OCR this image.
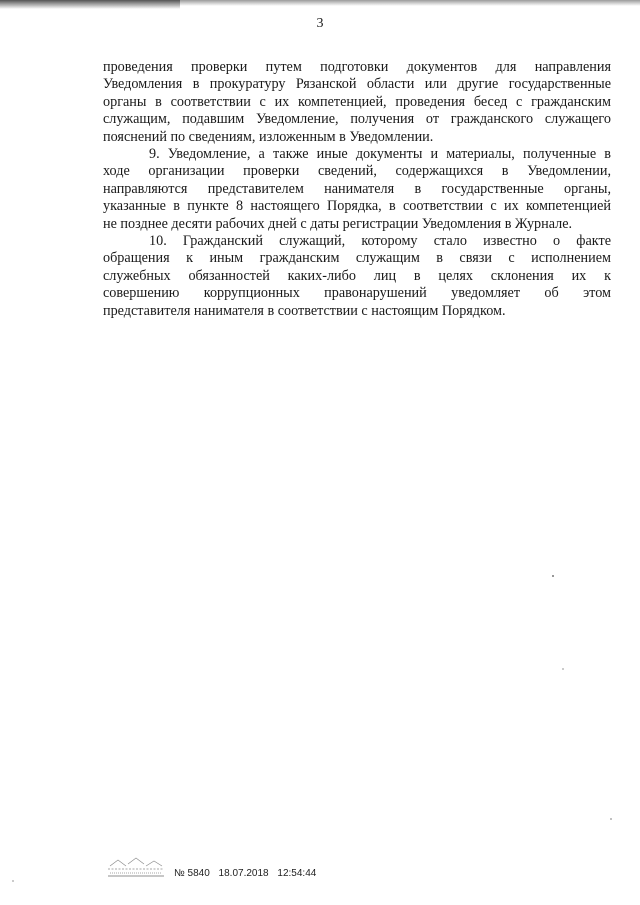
3

проведения проверки путем подготовки документов для направления
Уведомления в прокуратуру Рязанской области или другие государственные
органы в соответствии с их компетенцией, проведения бесед с гражданским
служащим, подавшим Уведомление, получения от гражданского служащего
пояснений по сведениям, изложенным в Уведомлении.

9. Уведомление, а также иные документы и материалы, полученные в
ходе организации проверки сведений, содержащихся в Уведомлении,
направляются представителем нанимателя в государственные органы,
указанные в пункте 8 настоящего Порядка, в соответствии с их компетенцией
не позднее десяти рабочих дней с даты регистрации Уведомления в Журнале.

10. Гражданский служащий, которому стало известно о факте
обращения к иным гражданским служащим в связи с исполнением
служебных обязанностей каких-либо лиц в целях склонения их к
совершению коррупционных правонарушений уведомляет об этом
представителя нанимателя в соответствии с настоящим Порядком.

№ 5840 18.07.2018 12:54:44
